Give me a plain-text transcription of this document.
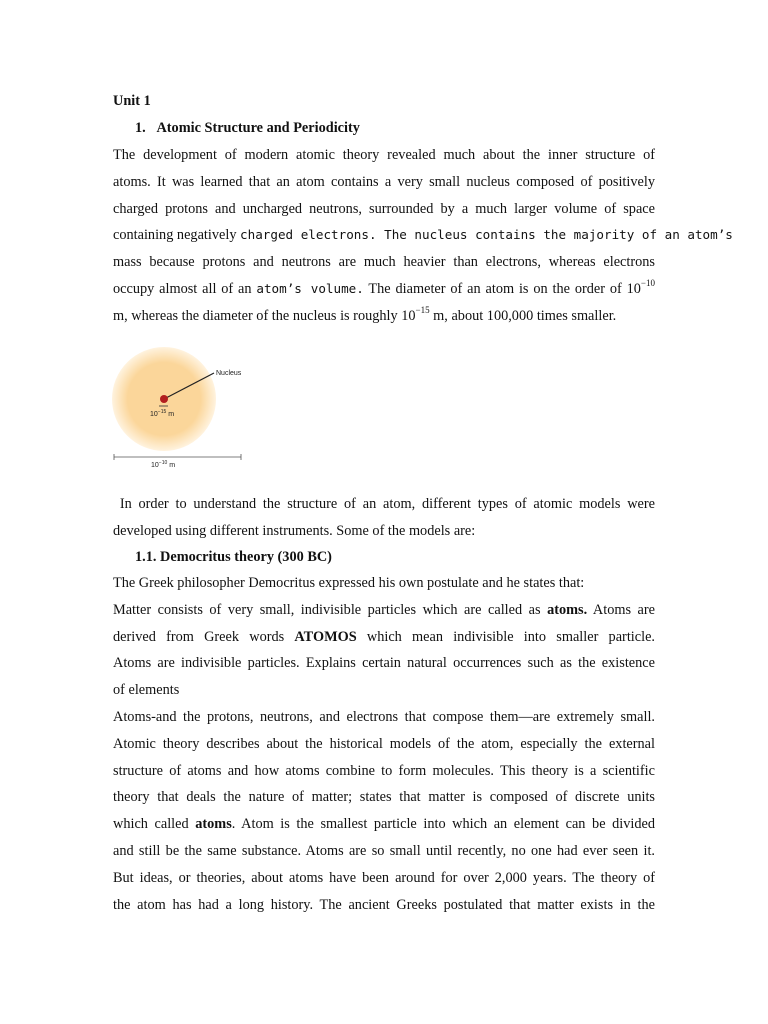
Unit 1
1. Atomic Structure and Periodicity
The development of modern atomic theory revealed much about the inner structure of
atoms. It was learned that an atom contains a very small nucleus composed of positively
charged protons and uncharged neutrons, surrounded by a much larger volume of space
containing negatively charged electrons. The nucleus contains the majority of an atom’s
mass because protons and neutrons are much heavier than electrons, whereas electrons
occupy almost all of an atom’s volume. The diameter of an atom is on the order of $10^{-10}$
m, whereas the diameter of the nucleus is roughly $10^{-15}$ m, about 100,000 times smaller.
Nucleus
$10^{-15}$ m
$10^{-10}$ m
In order to understand the structure of an atom, different types of atomic models were
developed using different instruments. Some of the models are:
1.1. Democritus theory (300 BC)
The Greek philosopher Democritus expressed his own postulate and he states that:
Matter consists of very small, indivisible particles which are called as atoms. Atoms are
derived from Greek words ATOMOS which mean indivisible into smaller particle.
Atoms are indivisible particles. Explains certain natural occurrences such as the existence
of elements
Atoms-and the protons, neutrons, and electrons that compose them—are extremely small.
Atomic theory describes about the historical models of the atom, especially the external
structure of atoms and how atoms combine to form molecules. This theory is a scientific
theory that deals the nature of matter; states that matter is composed of discrete units
which called atoms. Atom is the smallest particle into which an element can be divided
and still be the same substance. Atoms are so small until recently, no one had ever seen it.
But ideas, or theories, about atoms have been around for over 2,000 years. The theory of
the atom has had a long history. The ancient Greeks postulated that matter exists in the
